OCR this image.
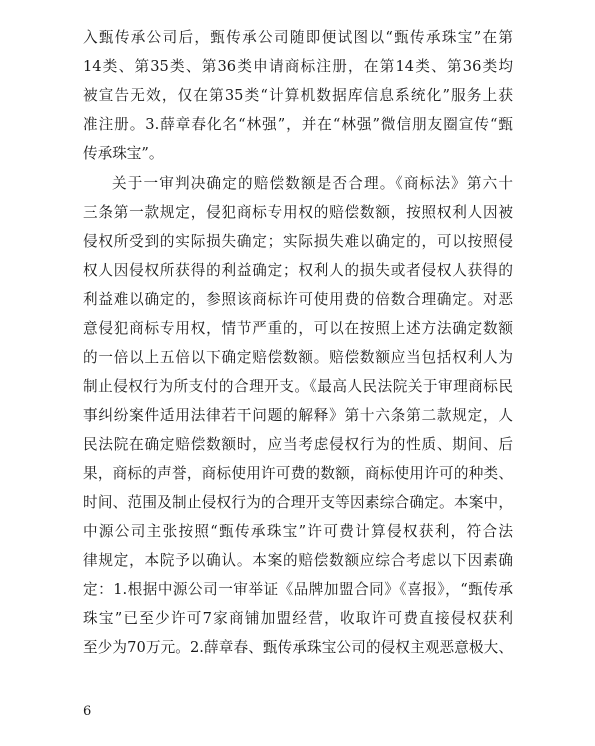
入甄传承公司后，甄传承公司随即便试图以“甄传承珠宝”在第
14类、第35类、第36类申请商标注册，在第14类、第36类均
被宣告无效，仅在第35类“计算机数据库信息系统化”服务上获
准注册。3.薛章春化名“林强”，并在“林强”微信朋友圈宣传“甄
传承珠宝”。
关于一审判决确定的赔偿数额是否合理。《商标法》第六十
三条第一款规定，侵犯商标专用权的赔偿数额，按照权利人因被
侵权所受到的实际损失确定；实际损失难以确定的，可以按照侵
权人因侵权所获得的利益确定；权利人的损失或者侵权人获得的
利益难以确定的，参照该商标许可使用费的倍数合理确定。对恶
意侵犯商标专用权，情节严重的，可以在按照上述方法确定数额
的一倍以上五倍以下确定赔偿数额。赔偿数额应当包括权利人为
制止侵权行为所支付的合理开支。《最高人民法院关于审理商标民
事纠纷案件适用法律若干问题的解释》第十六条第二款规定，人
民法院在确定赔偿数额时，应当考虑侵权行为的性质、期间、后
果，商标的声誉，商标使用许可费的数额，商标使用许可的种类、
时间、范围及制止侵权行为的合理开支等因素综合确定。本案中，
中源公司主张按照“甄传承珠宝”许可费计算侵权获利，符合法
律规定，本院予以确认。本案的赔偿数额应综合考虑以下因素确
定：1.根据中源公司一审举证《品牌加盟合同》《喜报》，“甄传承
珠宝”已至少许可7家商铺加盟经营，收取许可费直接侵权获利
至少为70万元。2.薛章春、甄传承珠宝公司的侵权主观恶意极大、
6
